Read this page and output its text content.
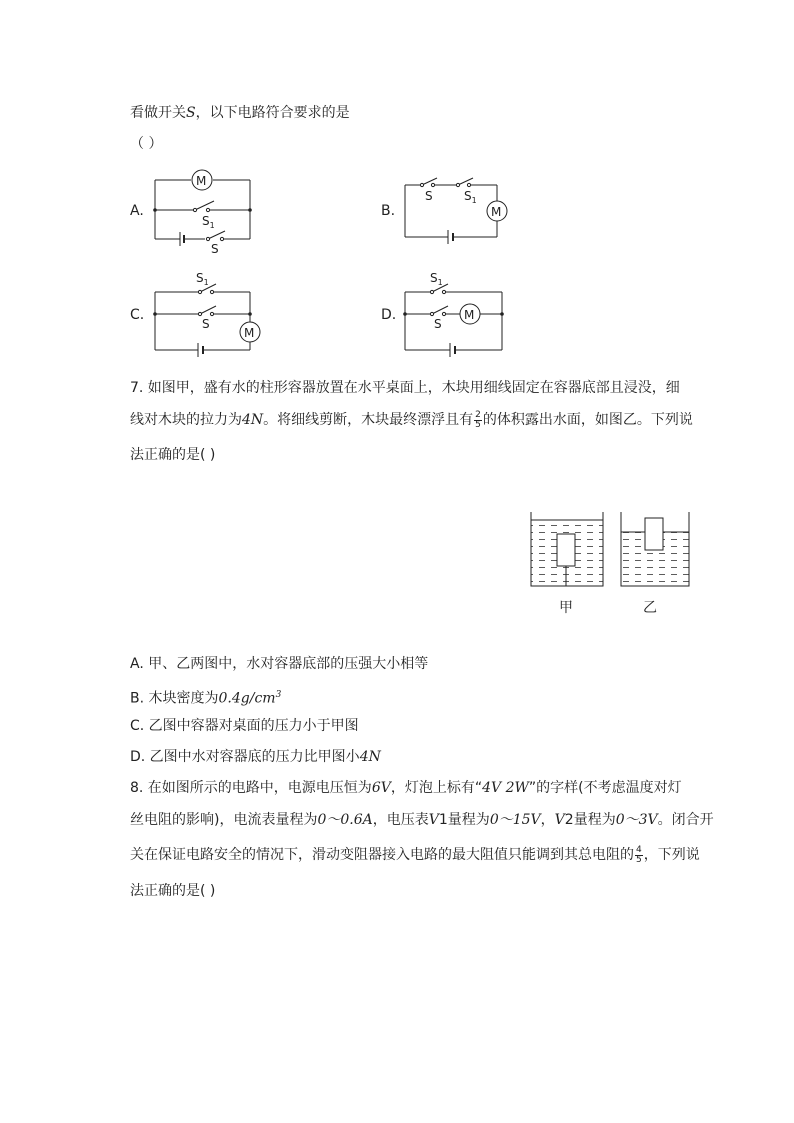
看做开关S，以下电路符合要求的是
（ ）
A.
M
$S_1$
S
B.	M
S	$S_1$
C.
M
$S_1$
S
D.	M
$S_1$
S
7. 如图甲，盛有水的柱形容器放置在水平桌面上，木块用细线固定在容器底部且浸没，细
线对木块的拉力为4N。将细线剪断，木块最终漂浮且有 $\frac{2}{5}$ 的体积露出水面，如图乙。下列说
法正确的是( )
甲	乙
A. 甲、乙两图中，水对容器底部的压强大小相等
B. 木块密度为$0.4g/cm^3$
C. 乙图中容器对桌面的压力小于甲图
D. 乙图中水对容器底的压力比甲图小4N
8. 在如图所示的电路中，电源电压恒为6V，灯泡上标有“4V 2W”的字样(不考虑温度对灯
丝电阻的影响)，电流表量程为0～0.6A，电压表V1量程为0～15V，V2量程为0～3V。闭合开
关在保证电路安全的情况下，滑动变阻器接入电路的最大阻值只能调到其总电阻的 $\frac{4}{5}$ ，下列说
法正确的是( )
